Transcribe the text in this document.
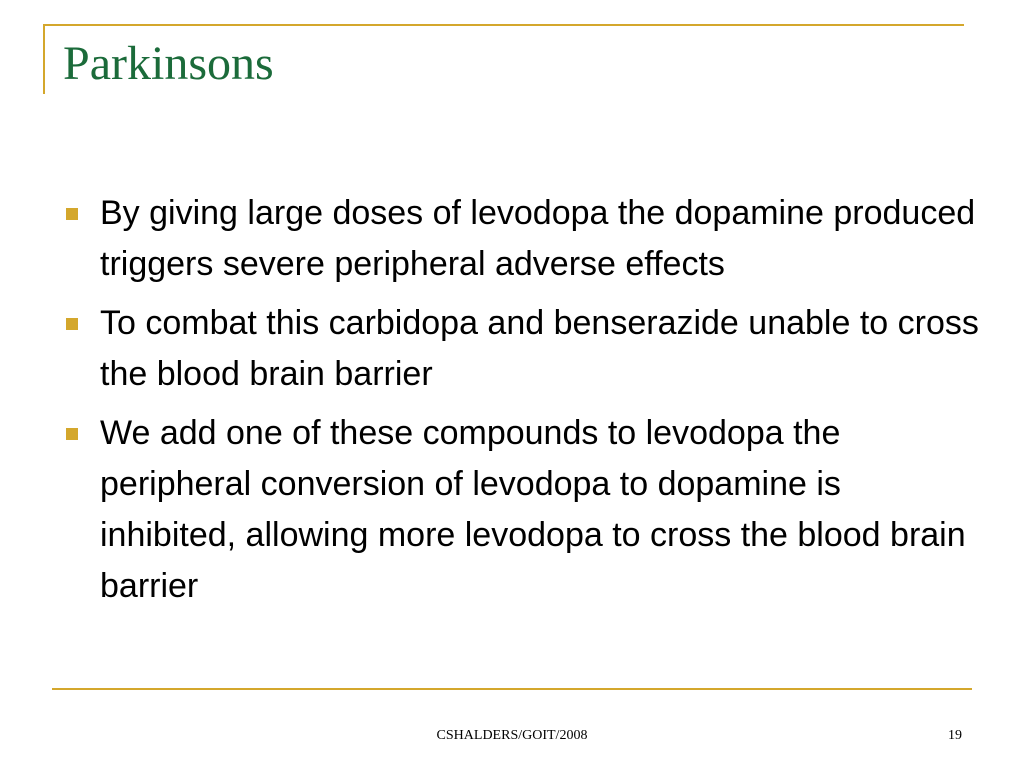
Parkinsons
By giving large doses of levodopa the dopamine produced triggers severe peripheral adverse effects
To combat this carbidopa and benserazide unable to cross the blood brain barrier
We add one of these compounds to levodopa the peripheral conversion of levodopa to dopamine is inhibited, allowing more levodopa to cross the blood brain barrier
CSHALDERS/GOIT/2008	19
